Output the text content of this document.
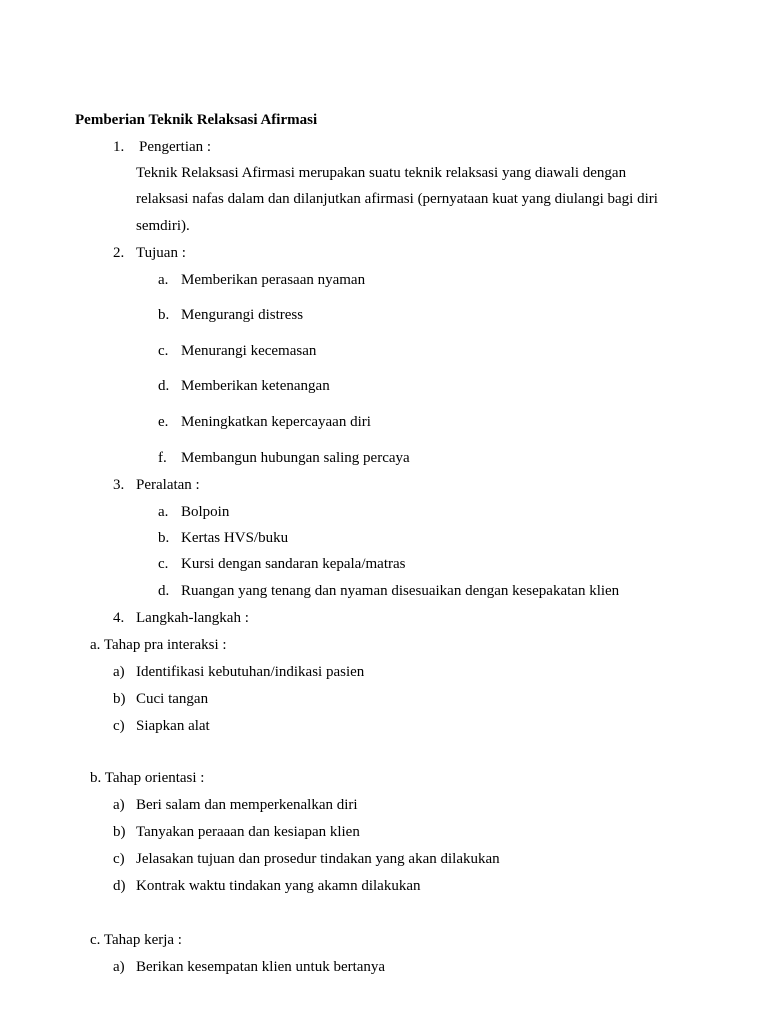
Pemberian Teknik Relaksasi Afirmasi
1. Pengertian :
Teknik Relaksasi Afirmasi merupakan suatu teknik relaksasi yang diawali dengan
relaksasi nafas dalam dan dilanjutkan afirmasi (pernyataan kuat yang diulangi bagi diri
semdiri).
2. Tujuan :
a. Memberikan perasaan nyaman
b. Mengurangi distress
c. Menurangi kecemasan
d. Memberikan ketenangan
e. Meningkatkan kepercayaan diri
f. Membangun hubungan saling percaya
3. Peralatan :
a. Bolpoin
b. Kertas HVS/buku
c. Kursi dengan sandaran kepala/matras
d. Ruangan yang tenang dan nyaman disesuaikan dengan kesepakatan klien
4. Langkah-langkah :
a. Tahap pra interaksi :
a) Identifikasi kebutuhan/indikasi pasien
b) Cuci tangan
c) Siapkan alat
b. Tahap orientasi :
a) Beri salam dan memperkenalkan diri
b) Tanyakan peraaan dan kesiapan klien
c) Jelasakan tujuan dan prosedur tindakan yang akan dilakukan
d) Kontrak waktu tindakan yang akamn dilakukan
c. Tahap kerja :
a) Berikan kesempatan klien untuk bertanya
